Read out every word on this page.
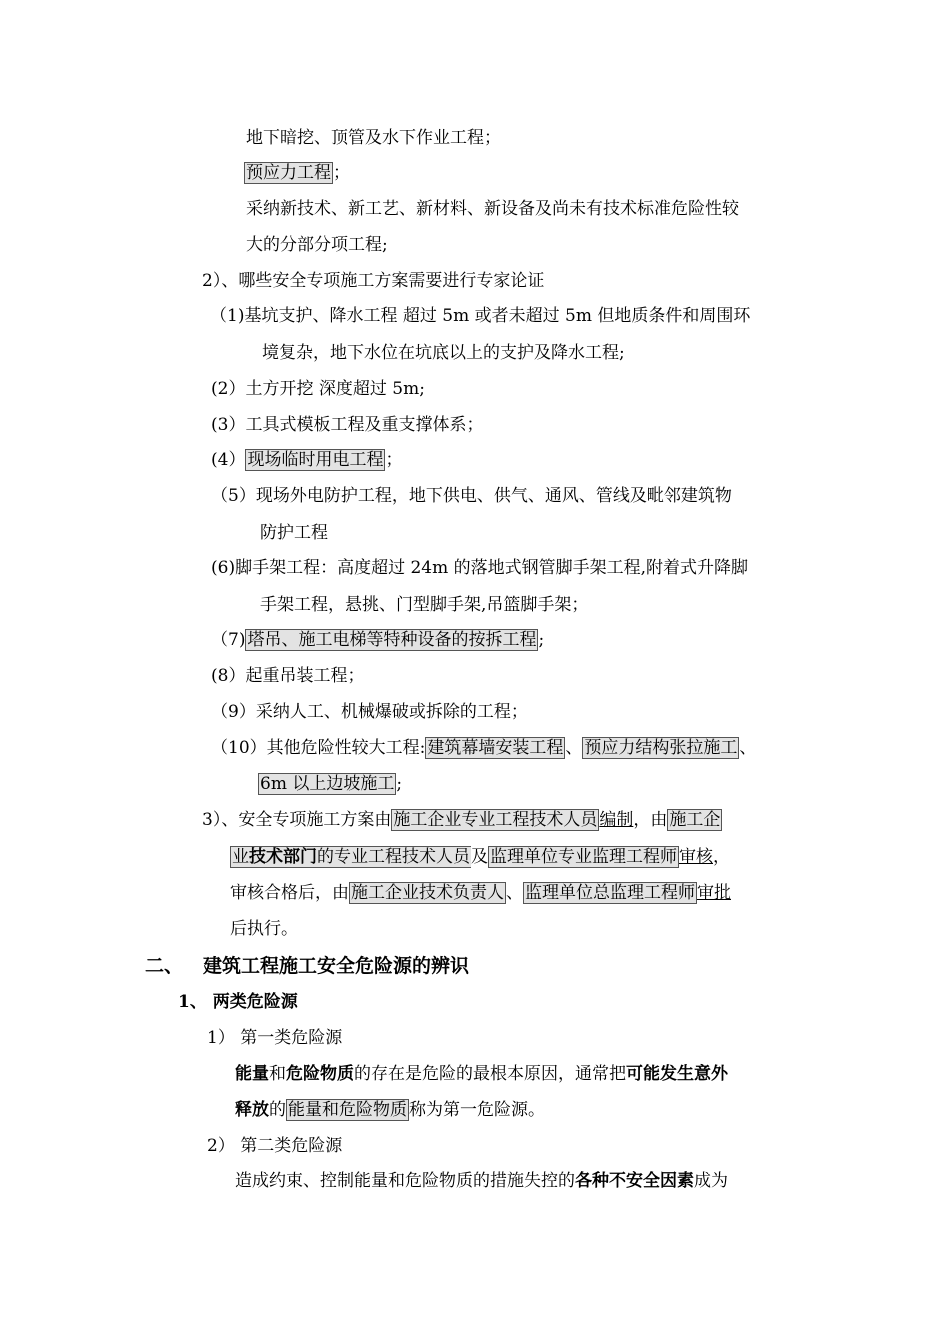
地下暗挖、顶管及水下作业工程；
预应力工程 ；
采纳新技术、新工艺、新材料、新设备及尚未有技术标准危险性较
大的分部分项工程;
2）、哪些安全专项施工方案需要进行专家论证
（1)基坑支护、降水工程 超过 5m 或者未超过 5m 但地质条件和周围环
境复杂，地下水位在坑底以上的支护及降水工程;
(2）土方开挖 深度超过 5m;
(3）工具式模板工程及重支撑体系；
(4） 现场临时用电工程 ；
（5）现场外电防护工程，地下供电、供气、通风、管线及毗邻建筑物
防护工程
(6)脚手架工程：高度超过 24m 的落地式钢管脚手架工程,附着式升降脚
手架工程，悬挑、门型脚手架,吊篮脚手架；
（7) 塔吊、施工电梯等特种设备的按拆工程 ;
(8）起重吊装工程；
（9）采纳人工、机械爆破或拆除的工程；
（10）其他危险性较大工程: 建筑幕墙安装工程 、 预应力结构张拉施工 、
6m 以上边坡施工 ;
3）、安全专项施工方案由 施工企业专业工程技术人员 编制，由 施工企
业技术部门的专业工程技术人员及 监理单位专业监理工程师 审核，
审核合格后，由 施工企业技术负责人 、 监理单位总监理工程师 审批
后执行。
二、 建筑工程施工安全危险源的辨识
1、 两类危险源
1） 第一类危险源
能量和危险物质的存在是危险的最根本原因，通常把可能发生意外
释放的 能量和危险物质 称为第一危险源。
2） 第二类危险源
造成约束、控制能量和危险物质的措施失控的各种不安全因素成为
